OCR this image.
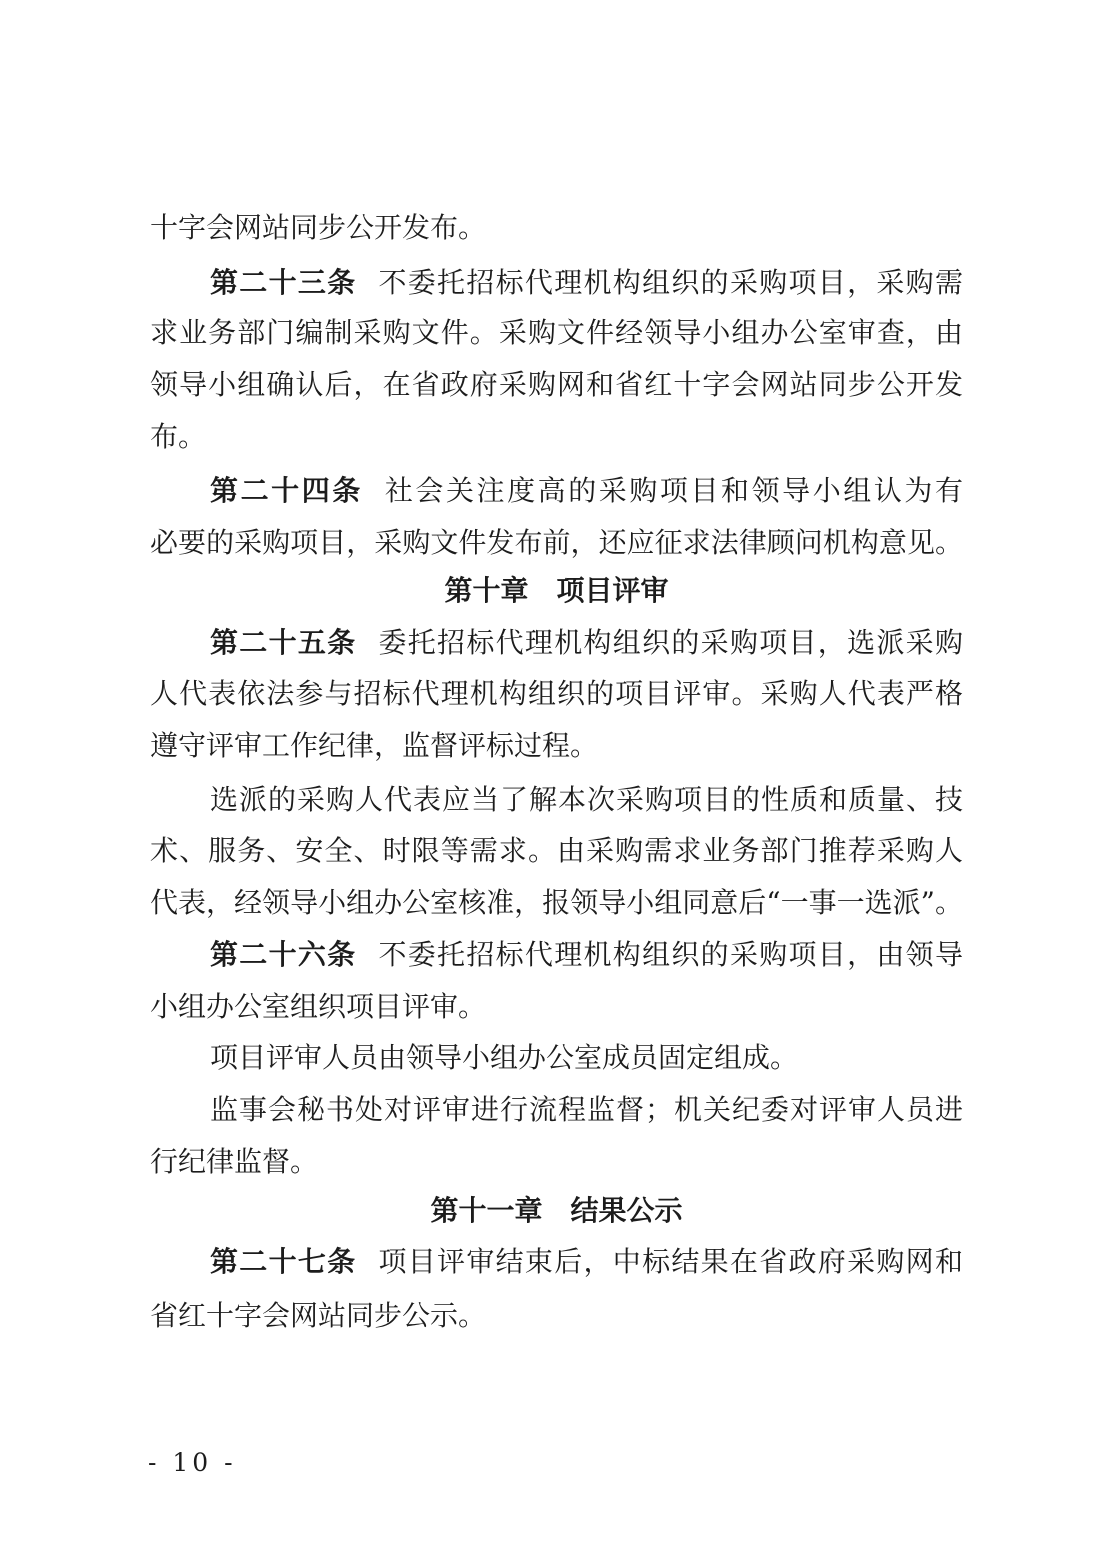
十字会网站同步公开发布。
第二十三条 不委托招标代理机构组织的采购项目，采购需
求业务部门编制采购文件。采购文件经领导小组办公室审查，由
领导小组确认后，在省政府采购网和省红十字会网站同步公开发
布。
第二十四条 社会关注度高的采购项目和领导小组认为有
必要的采购项目，采购文件发布前，还应征求法律顾问机构意见。
第十章　项目评审
第二十五条 委托招标代理机构组织的采购项目，选派采购
人代表依法参与招标代理机构组织的项目评审。采购人代表严格
遵守评审工作纪律，监督评标过程。
选派的采购人代表应当了解本次采购项目的性质和质量、技
术、服务、安全、时限等需求。由采购需求业务部门推荐采购人
代表，经领导小组办公室核准，报领导小组同意后“一事一选派”。
第二十六条 不委托招标代理机构组织的采购项目，由领导
小组办公室组织项目评审。
项目评审人员由领导小组办公室成员固定组成。
监事会秘书处对评审进行流程监督；机关纪委对评审人员进
行纪律监督。
第十一章　结果公示
第二十七条 项目评审结束后，中标结果在省政府采购网和
省红十字会网站同步公示。
- 10 -
